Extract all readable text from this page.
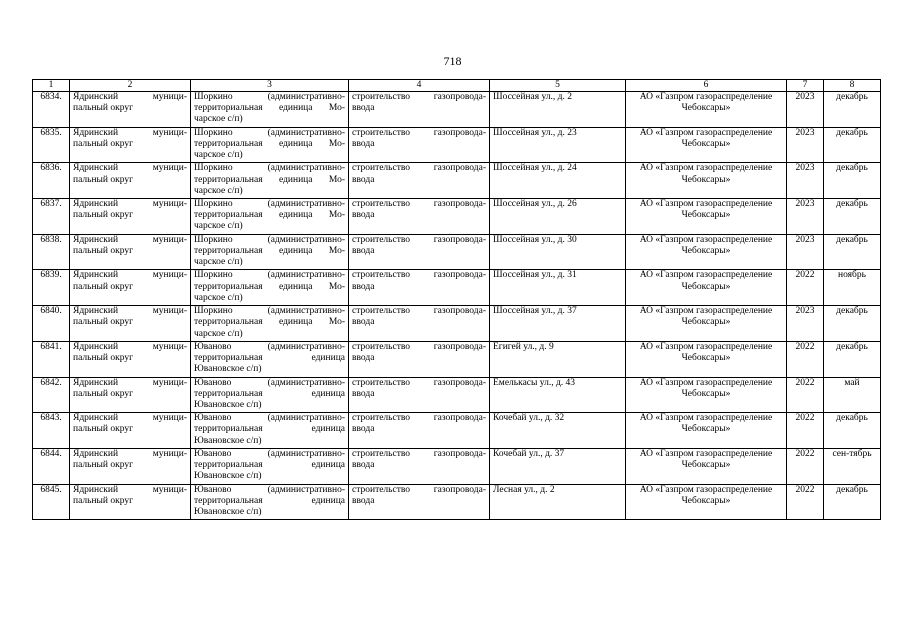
718
1	2	3	4	5	6	7	8
6834.	Ядринский муници-пальный округ	Шоркино (административно-территориальная единица Мо-чарское с/п)	строительство газопровода-ввода	Шоссейная ул., д. 2	АО «Газпром газораспределение Чебоксары»	2023	декабрь
6835.	Ядринский муници-пальный округ	Шоркино (административно-территориальная единица Мо-чарское с/п)	строительство газопровода-ввода	Шоссейная ул., д. 23	АО «Газпром газораспределение Чебоксары»	2023	декабрь
6836.	Ядринский муници-пальный округ	Шоркино (административно-территориальная единица Мо-чарское с/п)	строительство газопровода-ввода	Шоссейная ул., д. 24	АО «Газпром газораспределение Чебоксары»	2023	декабрь
6837.	Ядринский муници-пальный округ	Шоркино (административно-территориальная единица Мо-чарское с/п)	строительство газопровода-ввода	Шоссейная ул., д. 26	АО «Газпром газораспределение Чебоксары»	2023	декабрь
6838.	Ядринский муници-пальный округ	Шоркино (административно-территориальная единица Мо-чарское с/п)	строительство газопровода-ввода	Шоссейная ул., д. 30	АО «Газпром газораспределение Чебоксары»	2023	декабрь
6839.	Ядринский муници-пальный округ	Шоркино (административно-территориальная единица Мо-чарское с/п)	строительство газопровода-ввода	Шоссейная ул., д. 31	АО «Газпром газораспределение Чебоксары»	2022	ноябрь
6840.	Ядринский муници-пальный округ	Шоркино (административно-территориальная единица Мо-чарское с/п)	строительство газопровода-ввода	Шоссейная ул., д. 37	АО «Газпром газораспределение Чебоксары»	2023	декабрь
6841.	Ядринский муници-пальный округ	Юваново (административно-территориальная единица Ювановское с/п)	строительство газопровода-ввода	Егигей ул., д. 9	АО «Газпром газораспределение Чебоксары»	2022	декабрь
6842.	Ядринский муници-пальный округ	Юваново (административно-территориальная единица Ювановское с/п)	строительство газопровода-ввода	Емелькасы ул., д. 43	АО «Газпром газораспределение Чебоксары»	2022	май
6843.	Ядринский муници-пальный округ	Юваново (административно-территориальная единица Ювановское с/п)	строительство газопровода-ввода	Кочебай ул., д. 32	АО «Газпром газораспределение Чебоксары»	2022	декабрь
6844.	Ядринский муници-пальный округ	Юваново (административно-территориальная единица Ювановское с/п)	строительство газопровода-ввода	Кочебай ул., д. 37	АО «Газпром газораспределение Чебоксары»	2022	сен-тябрь
6845.	Ядринский муници-пальный округ	Юваново (административно-территориальная единица Ювановское с/п)	строительство газопровода-ввода	Лесная ул., д. 2	АО «Газпром газораспределение Чебоксары»	2022	декабрь
